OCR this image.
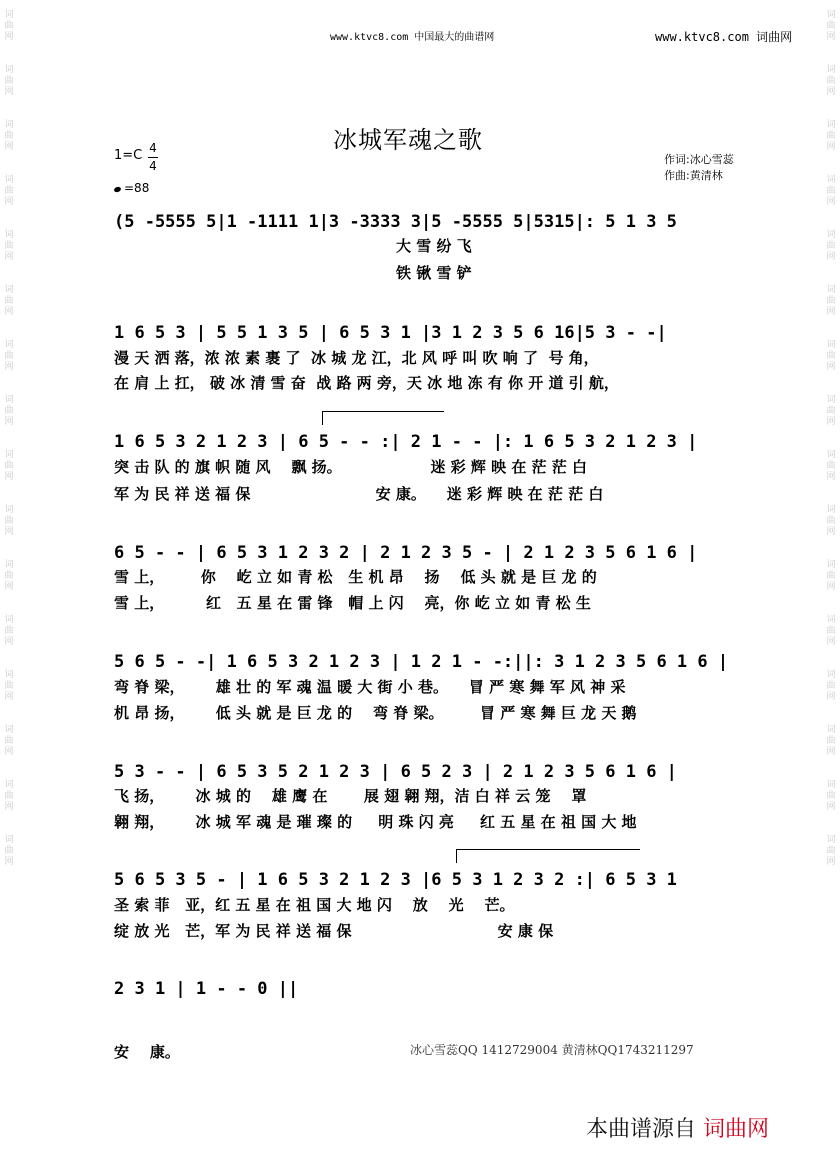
词
曲
网
词
曲
网
词
曲
网
词
曲
网
词
曲
网
词
曲
网
词
曲
网
词
曲
网
词
曲
网
词
曲
网
词
曲
网
词
曲
网
词
曲
网
词
曲
网
词
曲
网
词
曲
网
词
曲
网
词
曲
网
词
曲
网
词
曲
网
词
曲
网
词
曲
网
词
曲
网
词
曲
网
词
曲
网
词
曲
网
词
曲
网
词
曲
网
词
曲
网
词
曲
网
词
曲
网
词
曲
网
www.ktvc8.com 中国最大的曲谱网	www.ktvc8.com 词曲网
冰城军魂之歌
1=C 4
4
=88
作词:冰心雪蕊
作曲:黄清林
(5 -5555 5|1 -1111 1|3 -3333 3|5 -5555 5|5315|: 5 1 3 5
大 雪 纷 飞
铁 锹 雪 铲
1 6 5 3 | 5 5 1 3 5 | 6 5 3 1 |3 1 2 3 5 6 16|5 3 - -|
漫 天 洒 落，浓 浓 素 裹 了  冰 城 龙 江，北 风 呼 叫 吹 响 了  号 角，
在 肩 上 扛， 破 冰 清 雪 奋  战 路 两 旁，天 冰 地 冻 有 你 开 道 引 航，
1 6 5 3 2 1 2 3 | 6 5 - - :| 2 1 - - |: 1 6 5 3 2 1 2 3 |
突 击 队 的 旗 帜 随 风    飘 扬。                 迷 彩 辉 映 在 茫 茫 白
军 为 民 祥 送 福 保                        安 康。    迷 彩 辉 映 在 茫 茫 白
6 5 - - | 6 5 3 1 2 3 2 | 2 1 2 3 5 - | 2 1 2 3 5 6 1 6 |
雪 上，       你    屹 立 如 青 松   生 机 昂    扬    低 头 就 是 巨 龙 的
雪 上，        红   五 星 在 雷 锋   帽 上 闪    亮，你 屹 立 如 青 松 生
5 6 5 - -| 1 6 5 3 2 1 2 3 | 1 2 1 - -:||: 3 1 2 3 5 6 1 6 |
弯 脊 梁，      雄 壮 的 军 魂 温 暖 大 街 小 巷。    冒 严 寒 舞 军 风 神 采
机 昂 扬，      低 头 就 是 巨 龙 的    弯 脊 梁。       冒 严 寒 舞 巨 龙 天 鹅
5 3 - - | 6 5 3 5 2 1 2 3 | 6 5 2 3 | 2 1 2 3 5 6 1 6 |
飞 扬，      冰 城 的    雄 鹰 在       展 翅 翱 翔，洁 白 祥 云 笼    罩
翱 翔，      冰 城 军 魂 是 璀 璨 的     明 珠 闪 亮     红 五 星 在 祖 国 大 地
5 6 5 3 5 - | 1 6 5 3 2 1 2 3 |6 5 3 1 2 3 2 :| 6 5 3 1
圣 索 菲   亚，红 五 星 在 祖 国 大 地 闪    放    光    芒。
绽 放 光   芒，军 为 民 祥 送 福 保                            安 康 保
2 3 1 | 1 - - 0 ||
安    康。	冰心雪蕊QQ 1412729004 黄清林QQ1743211297
本曲谱源自 词曲网
